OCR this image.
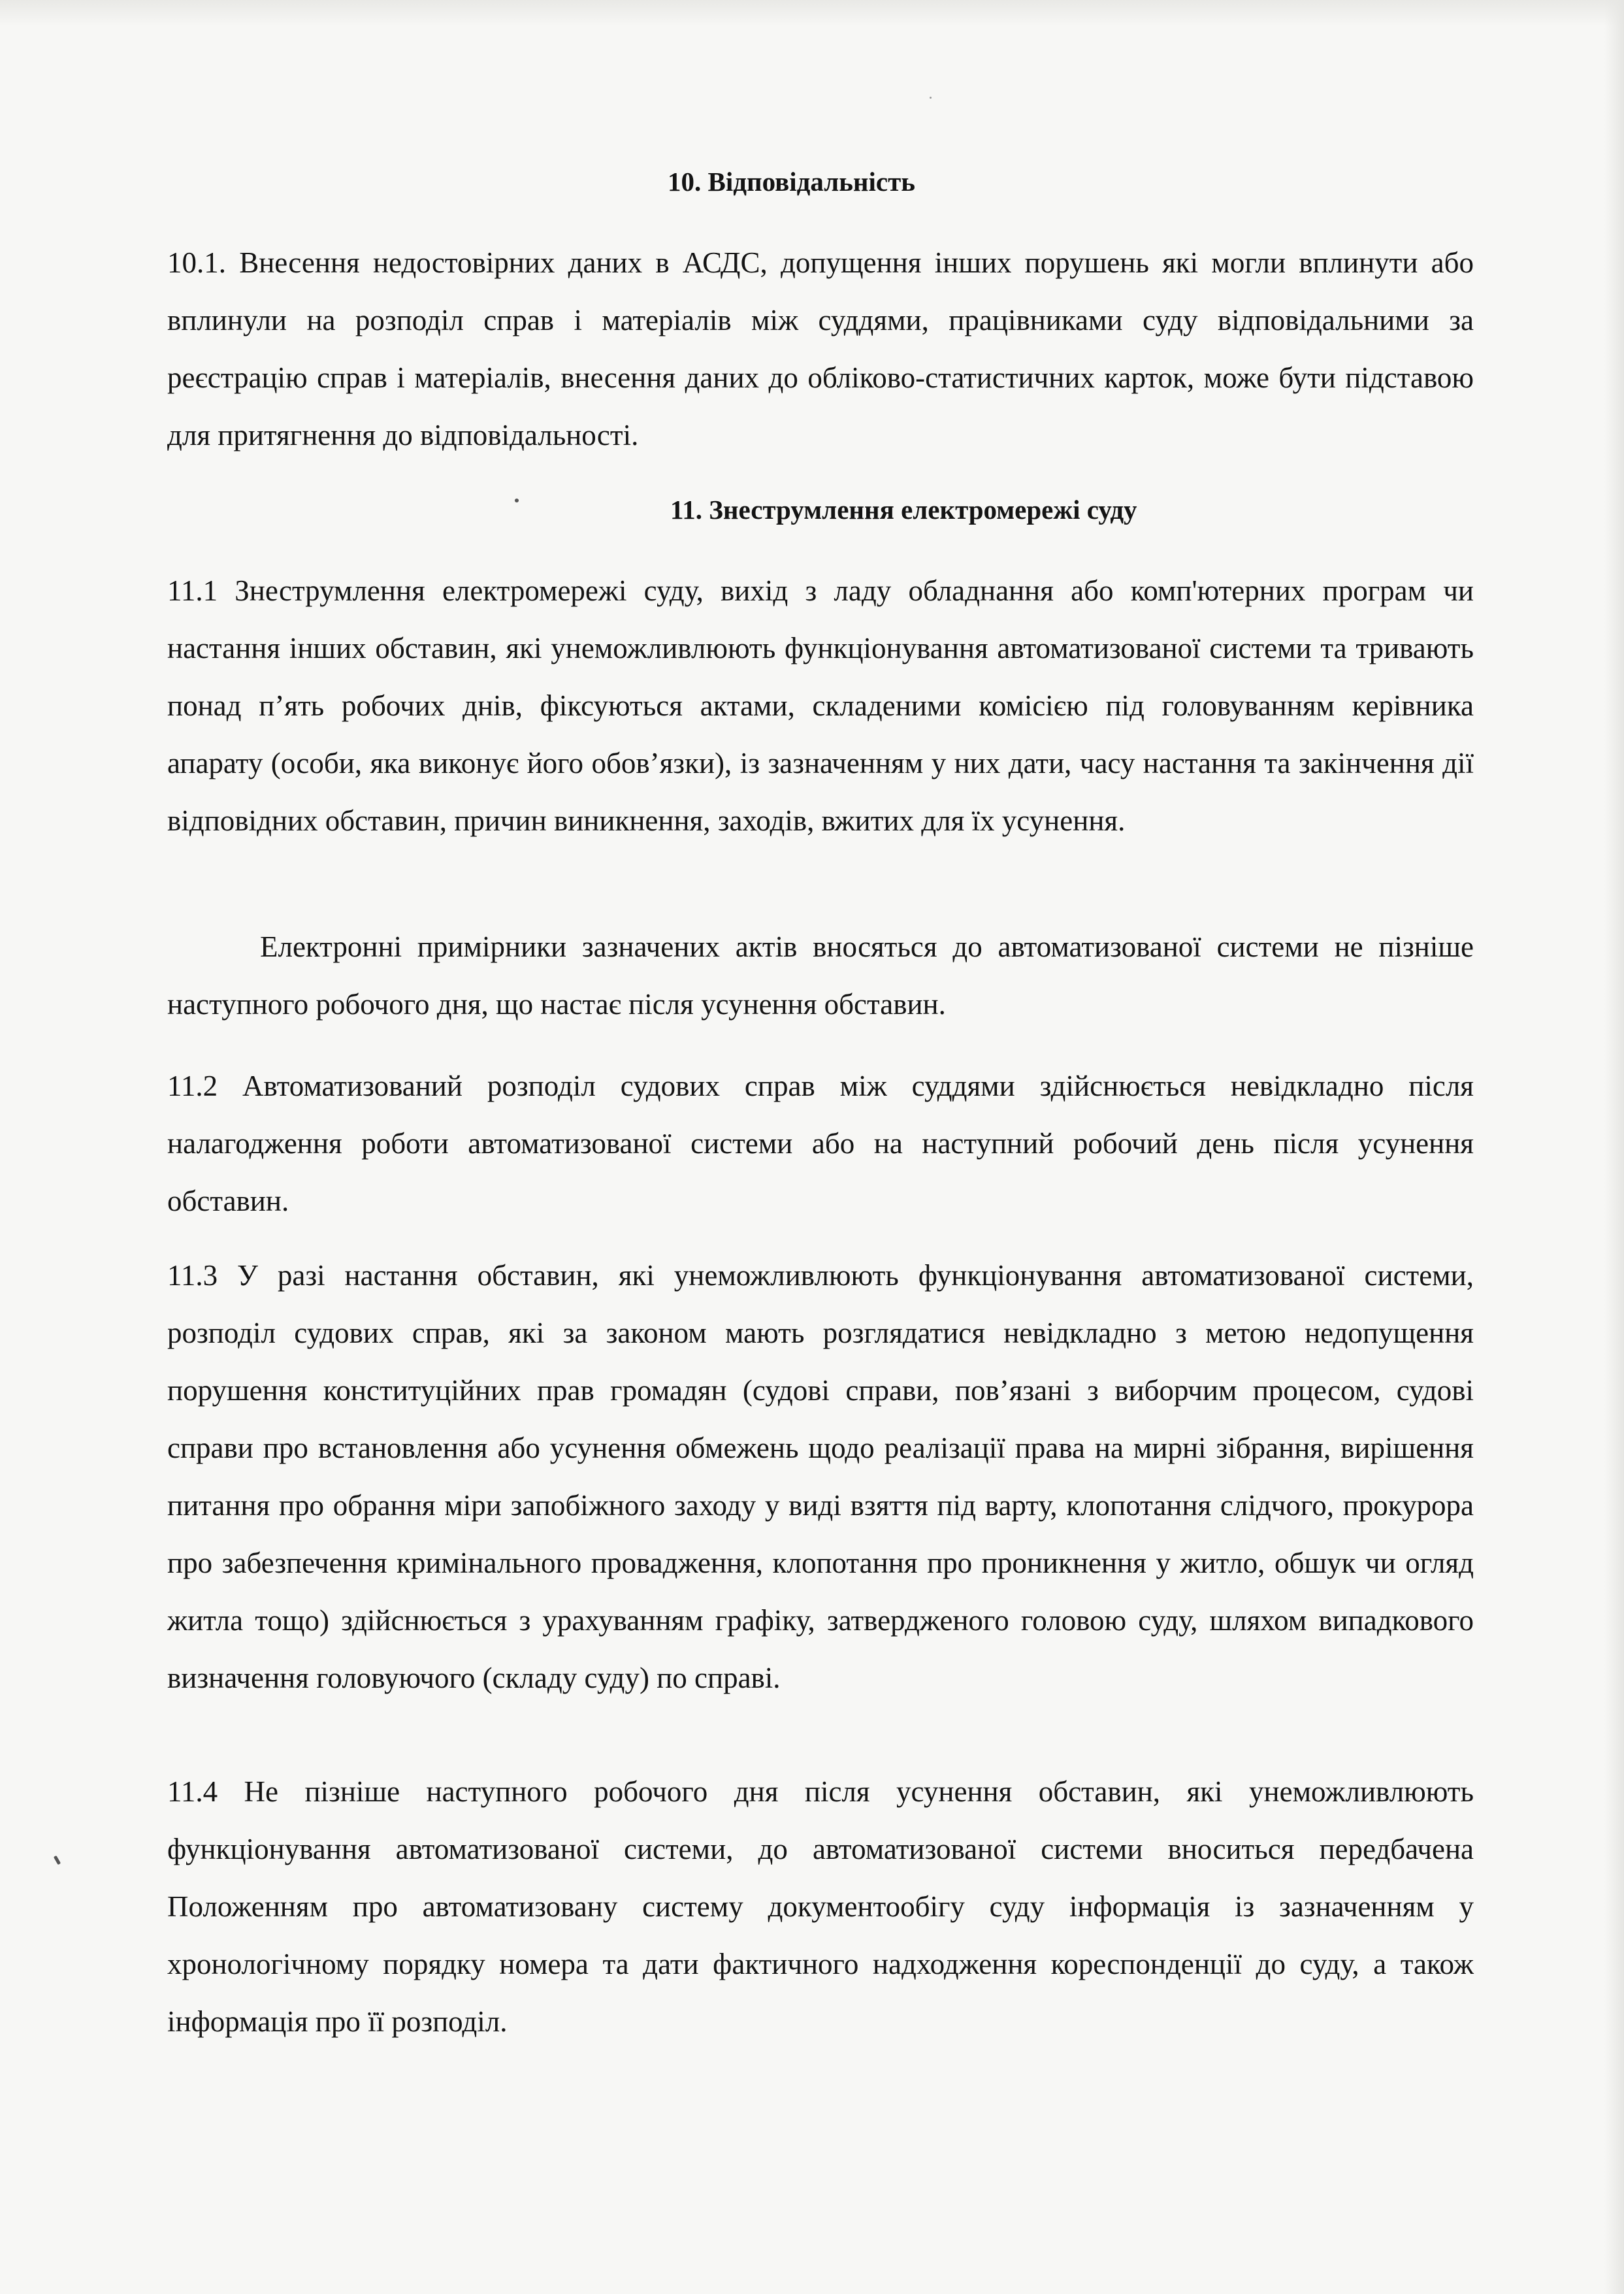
10. Відповідальність
10.1. Внесення недостовірних даних в АСДС, допущення інших порушень які могли вплинути або вплинули на розподіл справ і матеріалів між суддями, працівниками суду відповідальними за реєстрацію справ і матеріалів, внесення даних до обліково-статистичних карток, може бути підставою для притягнення до відповідальності.
11. Знеструмлення електромережі суду
11.1 Знеструмлення електромережі суду, вихід з ладу обладнання або комп'ютерних програм чи настання інших обставин, які унеможливлюють функціонування автоматизованої системи та тривають понад п’ять робочих днів, фіксуються актами, складеними комісією під головуванням керівника апарату (особи, яка виконує його обов’язки), із зазначенням у них дати, часу настання та закінчення дії відповідних обставин, причин виникнення, заходів, вжитих для їх усунення.
Електронні примірники зазначених актів вносяться до автоматизованої системи не пізніше наступного робочого дня, що настає після усунення обставин.
11.2 Автоматизований розподіл судових справ між суддями здійснюється невідкладно після налагодження роботи автоматизованої системи або на наступний робочий день після усунення обставин.
11.3 У разі настання обставин, які унеможливлюють функціонування автоматизованої системи, розподіл судових справ, які за законом мають розглядатися невідкладно з метою недопущення порушення конституційних прав громадян (судові справи, пов’язані з виборчим процесом, судові справи про встановлення або усунення обмежень щодо реалізації права на мирні зібрання, вирішення питання про обрання міри запобіжного заходу у виді взяття під варту, клопотання слідчого, прокурора про забезпечення кримінального провадження, клопотання про проникнення у житло, обшук чи огляд житла тощо) здійснюється з урахуванням графіку, затвердженого головою суду, шляхом випадкового визначення головуючого (складу суду) по справі.
11.4 Не пізніше наступного робочого дня після усунення обставин, які унеможливлюють функціонування автоматизованої системи, до автоматизованої системи вноситься передбачена Положенням про автоматизовану систему документообігу суду інформація із зазначенням у хронологічному порядку номера та дати фактичного надходження кореспонденції до суду, а також інформація про її розподіл.
